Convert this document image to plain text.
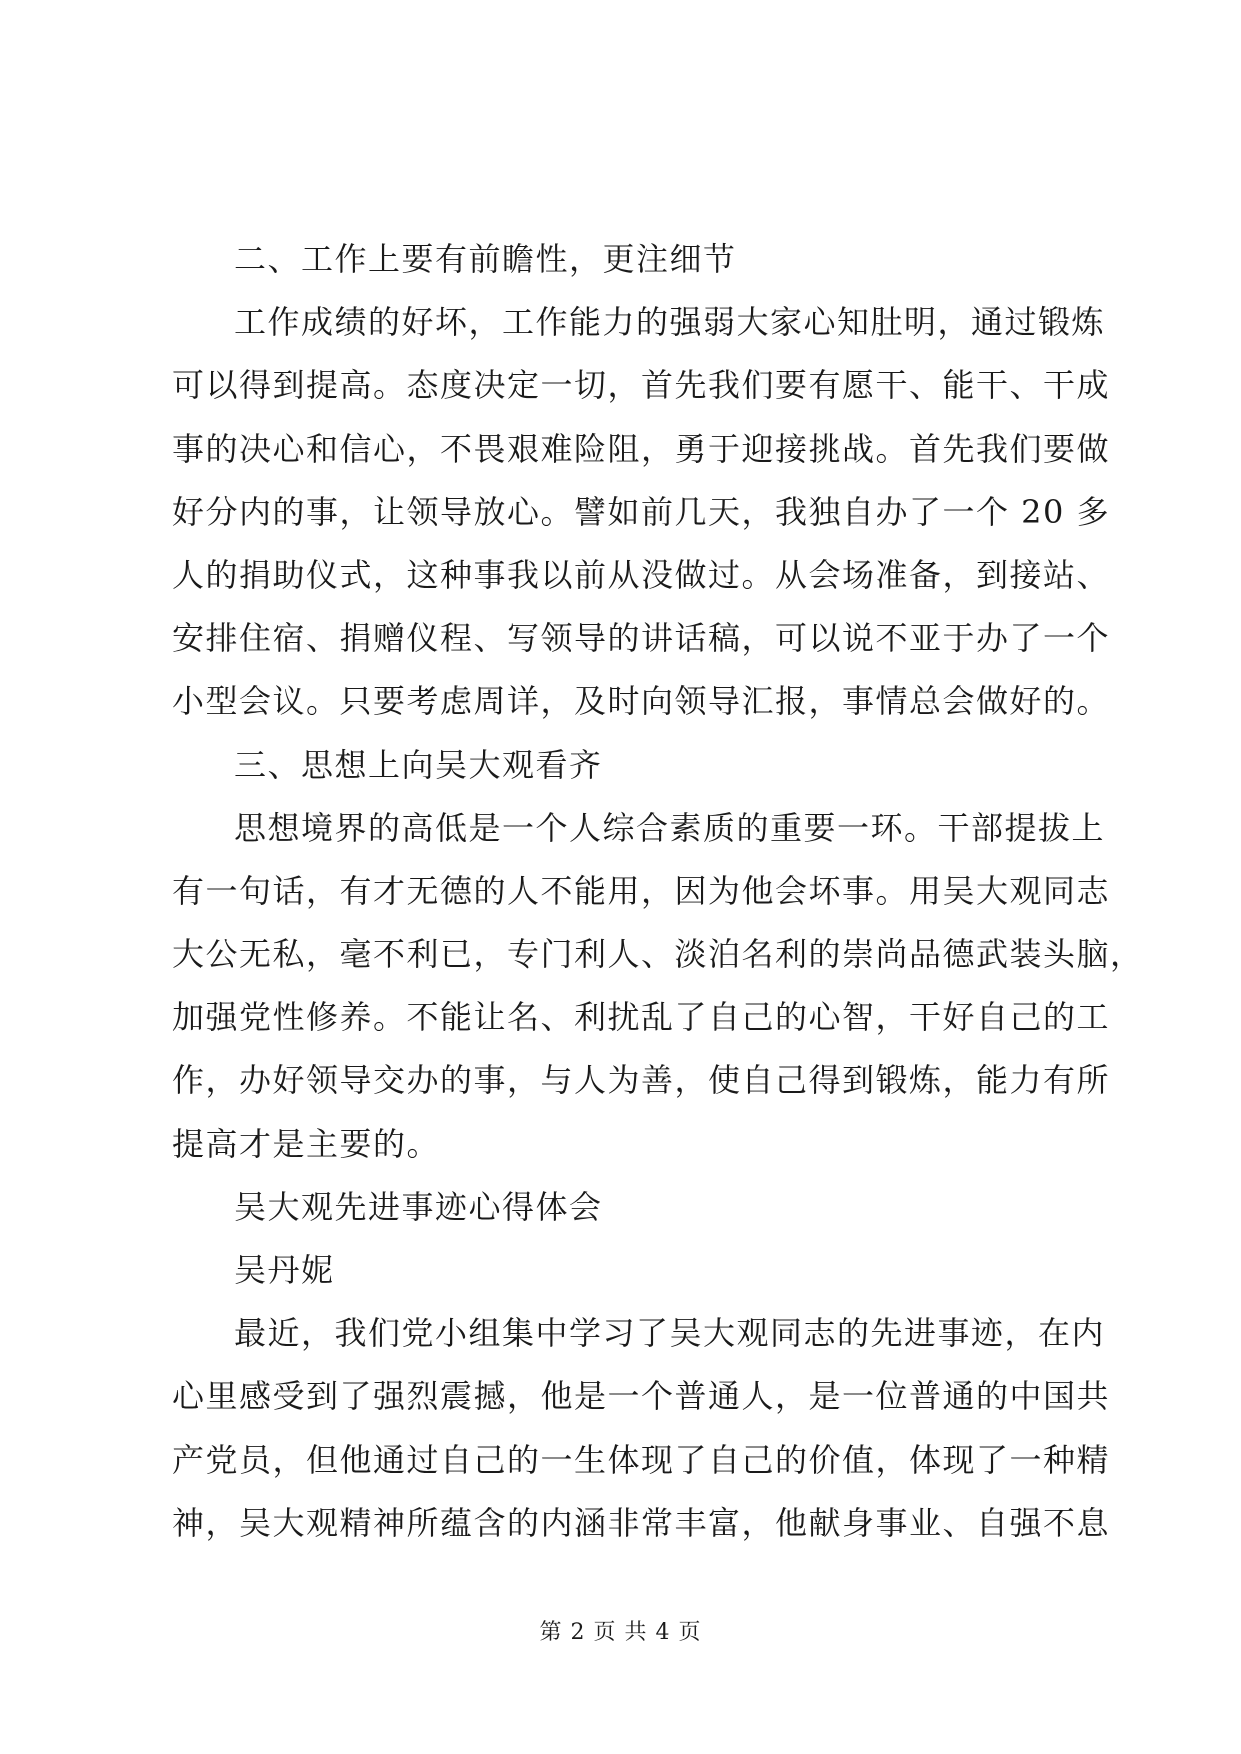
二、工作上要有前瞻性，更注细节
工作成绩的好坏，工作能力的强弱大家心知肚明，通过锻炼
可以得到提高。态度决定一切，首先我们要有愿干、能干、干成
事的决心和信心，不畏艰难险阻，勇于迎接挑战。首先我们要做
好分内的事，让领导放心。譬如前几天，我独自办了一个 20 多
人的捐助仪式，这种事我以前从没做过。从会场准备，到接站、
安排住宿、捐赠仪程、写领导的讲话稿，可以说不亚于办了一个
小型会议。只要考虑周详，及时向领导汇报，事情总会做好的。
三、思想上向吴大观看齐
思想境界的高低是一个人综合素质的重要一环。干部提拔上
有一句话，有才无德的人不能用，因为他会坏事。用吴大观同志
大公无私，毫不利已，专门利人、淡泊名利的崇尚品德武装头脑，
加强党性修养。不能让名、利扰乱了自己的心智，干好自己的工
作，办好领导交办的事，与人为善，使自己得到锻炼，能力有所
提高才是主要的。
吴大观先进事迹心得体会
吴丹妮
最近，我们党小组集中学习了吴大观同志的先进事迹，在内
心里感受到了强烈震撼，他是一个普通人，是一位普通的中国共
产党员，但他通过自己的一生体现了自己的价值，体现了一种精
神，吴大观精神所蕴含的内涵非常丰富，他献身事业、自强不息
第 2 页 共 4 页
